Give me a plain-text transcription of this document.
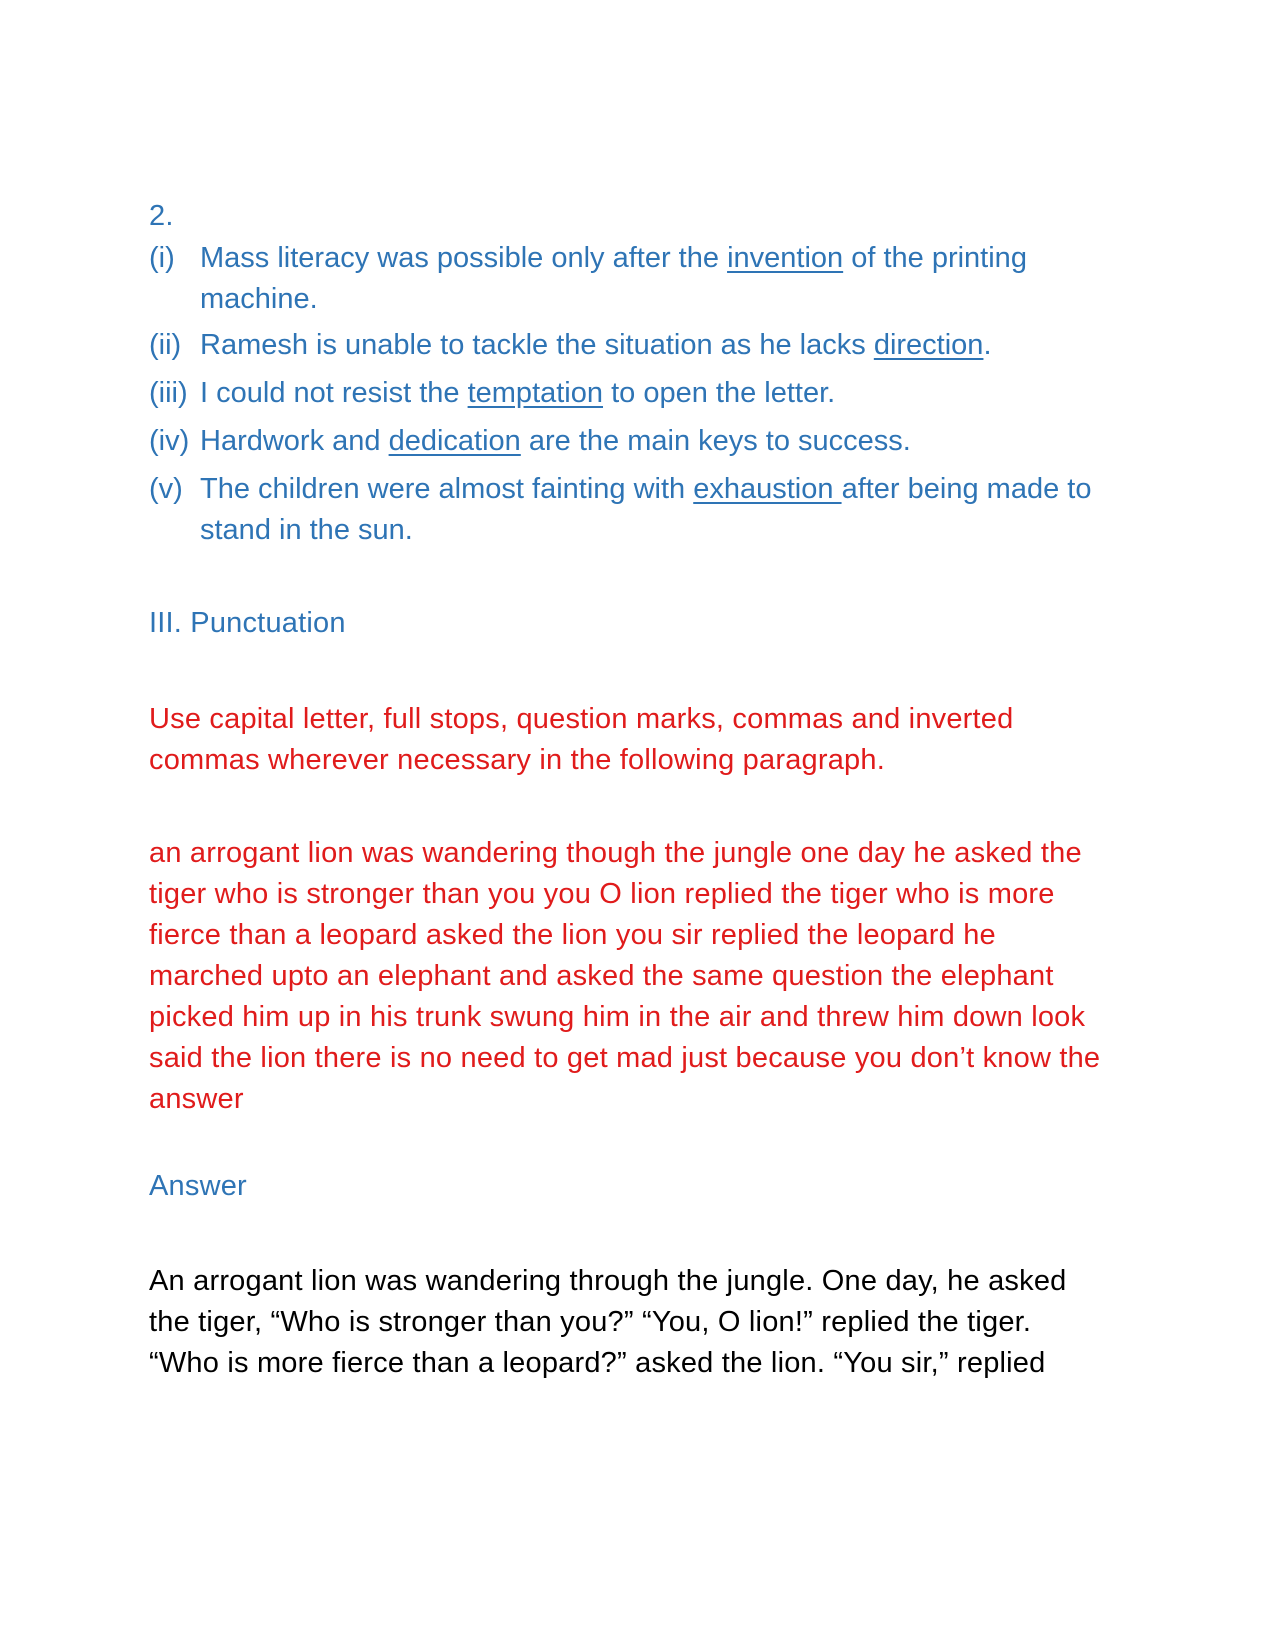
2.
(i) Mass literacy was possible only after the invention of the printing machine.
(ii) Ramesh is unable to tackle the situation as he lacks direction.
(iii) I could not resist the temptation to open the letter.
(iv) Hardwork and dedication are the main keys to success.
(v) The children were almost fainting with exhaustion after being made to stand in the sun.
III. Punctuation
Use capital letter, full stops, question marks, commas and inverted commas wherever necessary in the following paragraph.
an arrogant lion was wandering though the jungle one day he asked the tiger who is stronger than you you O lion replied the tiger who is more fierce than a leopard asked the lion you sir replied the leopard he marched upto an elephant and asked the same question the elephant picked him up in his trunk swung him in the air and threw him down look said the lion there is no need to get mad just because you don’t know the answer
Answer
An arrogant lion was wandering through the jungle. One day, he asked the tiger, “Who is stronger than you?” “You, O lion!” replied the tiger. “Who is more fierce than a leopard?” asked the lion. “You sir,” replied
